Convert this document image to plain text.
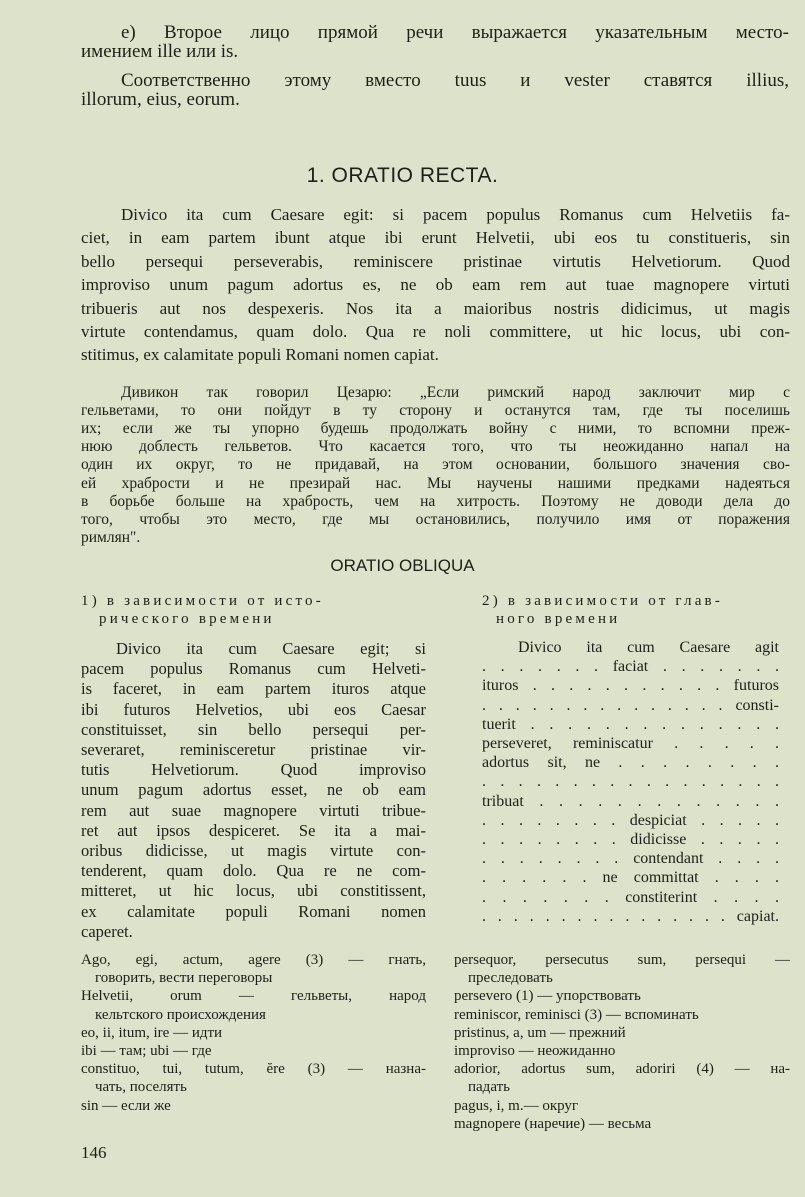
1. ORATIO RECTA.
ORATIO OBLIQUA
146
e) Второе лицо прямой речи выражается указательным место-
имением ille или is.
Соответственно этому вместо tuus и vester ставятся illius,
illorum, eius, eorum.
Divico ita cum Caesare egit: si pacem populus Romanus cum Helvetiis fa-
ciet, in eam partem ibunt atque ibi erunt Helvetii, ubi eos tu constitueris, sin
bello persequi perseverabis, reminiscere pristinae virtutis Helvetiorum. Quod
improviso unum pagum adortus es, ne ob eam rem aut tuae magnopere virtuti
tribueris aut nos despexeris. Nos ita a maioribus nostris didicimus, ut magis
virtute contendamus, quam dolo. Qua re noli committere, ut hic locus, ubi con-
stitimus, ex calamitate populi Romani nomen capiat.
Дивикон так говорил Цезарю: „Если римский народ заключит мир с
гельветами, то они пойдут в ту сторону и останутся там, где ты поселишь
их; если же ты упорно будешь продолжать войну с ними, то вспомни преж-
нюю доблесть гельветов. Что касается того, что ты неожиданно напал на
один их округ, то не придавай, на этом основании, большого значения сво-
ей храбрости и не презирай нас. Мы научены нашими предками надеяться
в борьбе больше на храбрость, чем на хитрость. Поэтому не доводи дела до
того, чтобы это место, где мы остановились, получило имя от поражения
римлян".
1) в зависимости от исто-
рического времени
Divico ita cum Caesare egit; si
pacem populus Romanus cum Helveti-
is faceret, in eam partem ituros atque
ibi futuros Helvetios, ubi eos Caesar
constituisset, sin bello persequi per-
severaret, reminisceretur pristinae vir-
tutis Helvetiorum. Quod improviso
unum pagum adortus esset, ne ob eam
rem aut suae magnopere virtuti tribue-
ret aut ipsos despiceret. Se ita a mai-
oribus didicisse, ut magis virtute con-
tenderent, quam dolo. Qua re ne com-
mitteret, ut hic locus, ubi constitissent,
ex calamitate populi Romani nomen
caperet.
Ago, egi, actum, agere (3) — гнать,
говорить, вести переговоры
Helvetii, orum — гельветы, народ
кельтского происхождения
eo, ii, itum, ire — идти
ibi — там; ubi — где
constituo, tui, tutum, ĕre (3) — назна-
чать, поселять
sin — если же
2) в зависимости от глав-
ного времени
Divico ita cum Caesare agit
. . . . . . . faciat . . . . . . .
ituros . . . . . . . . . . . futuros
. . . . . . . . . . . . . . . consti-
tuerit . . . . . . . . . . . . . .
perseveret, reminiscatur . . . . .
adortus sit, ne . . . . . . . .
. . . . . . . . . . . . . . . . .
tribuat . . . . . . . . . . . . .
. . . . . . . . despiciat . . . . .
. . . . . . . . didicisse . . . . .
. . . . . . . . contendant . . . .
. . . . . . ne committat . . . .
. . . . . . . constiterint . . . .
. . . . . . . . . . . . . . . . capiat.
persequor, persecutus sum, persequi —
преследовать
persevero (1) — упорствовать
reminiscor, reminisci (3) — вспоминать
pristinus, a, um — прежний
improviso — неожиданно
adorior, adortus sum, adoriri (4) — на-
падать
pagus, i, m.— округ
magnopere (наречие) — весьма
